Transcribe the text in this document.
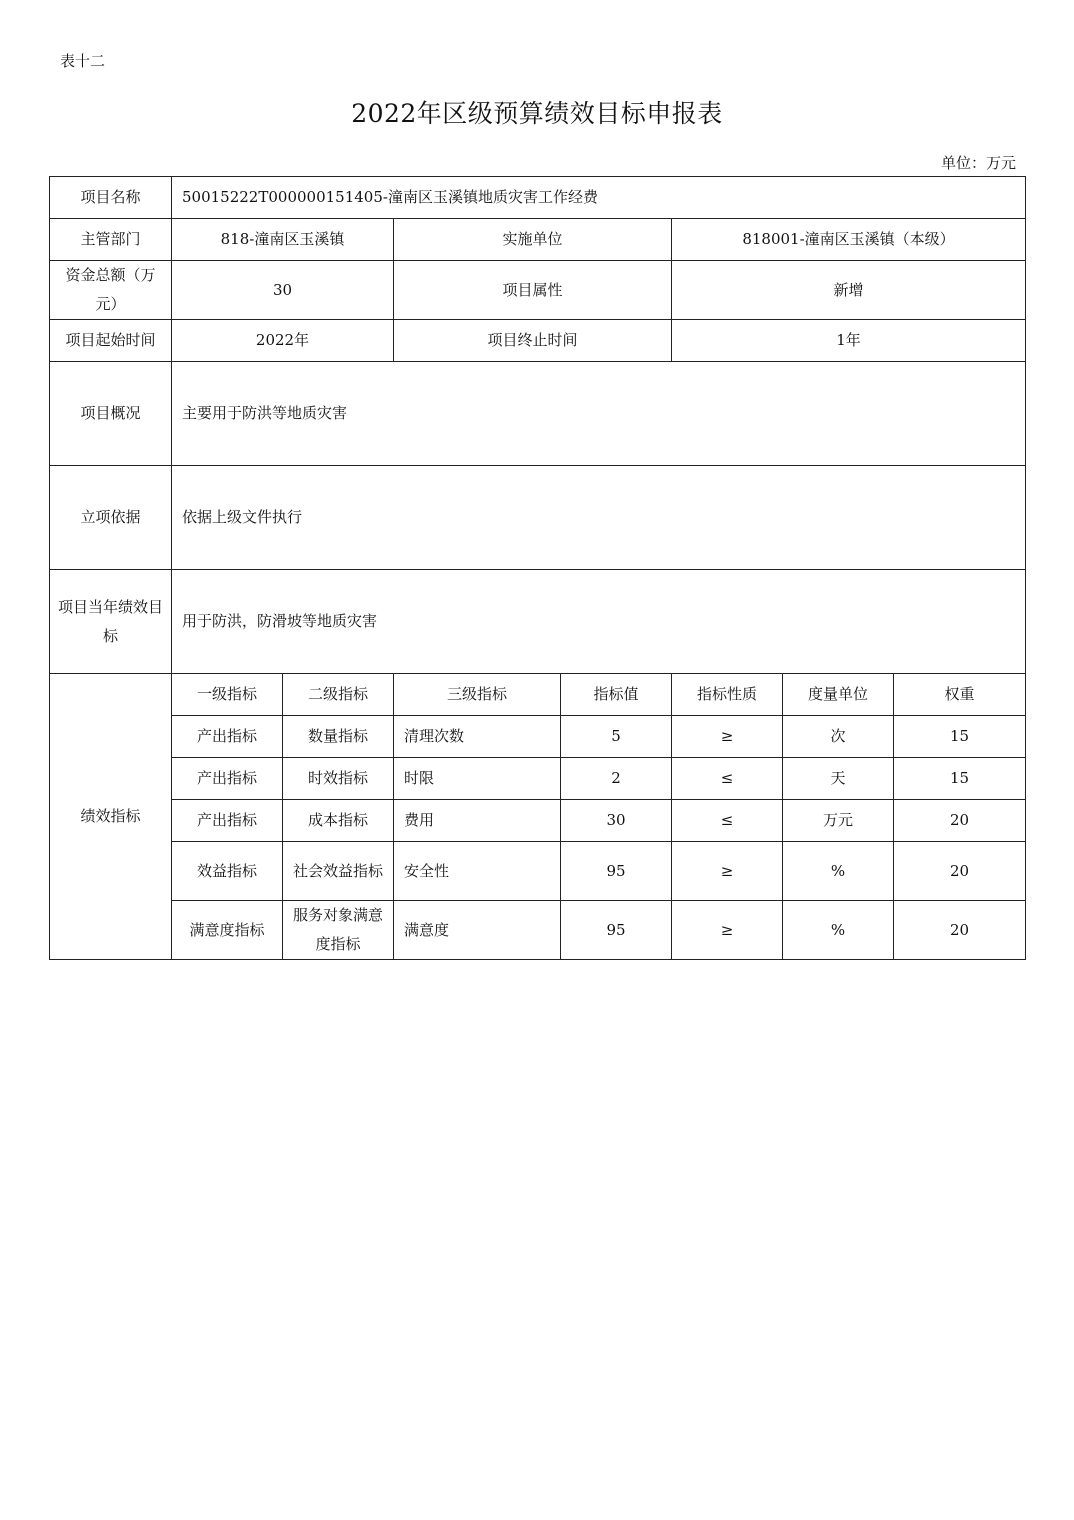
表十二
2022年区级预算绩效目标申报表
单位：万元
项目名称	50015222T000000151405-潼南区玉溪镇地质灾害工作经费						
主管部门	818-潼南区玉溪镇		实施单位		818001-潼南区玉溪镇（本级）		
资金总额（万元）	30		项目属性		新增		
项目起始时间	2022年		项目终止时间		1年		
项目概况	主要用于防洪等地质灾害						
立项依据	依据上级文件执行						
项目当年绩效目标	用于防洪，防滑坡等地质灾害						
绩效指标	一级指标	二级指标	三级指标	指标值	指标性质	度量单位	权重
	产出指标	数量指标	清理次数	5	≥	次	15
	产出指标	时效指标	时限	2	≤	天	15
	产出指标	成本指标	费用	30	≤	万元	20
	效益指标	社会效益指标	安全性	95	≥	%	20
	满意度指标	服务对象满意度指标	满意度	95	≥	%	20
